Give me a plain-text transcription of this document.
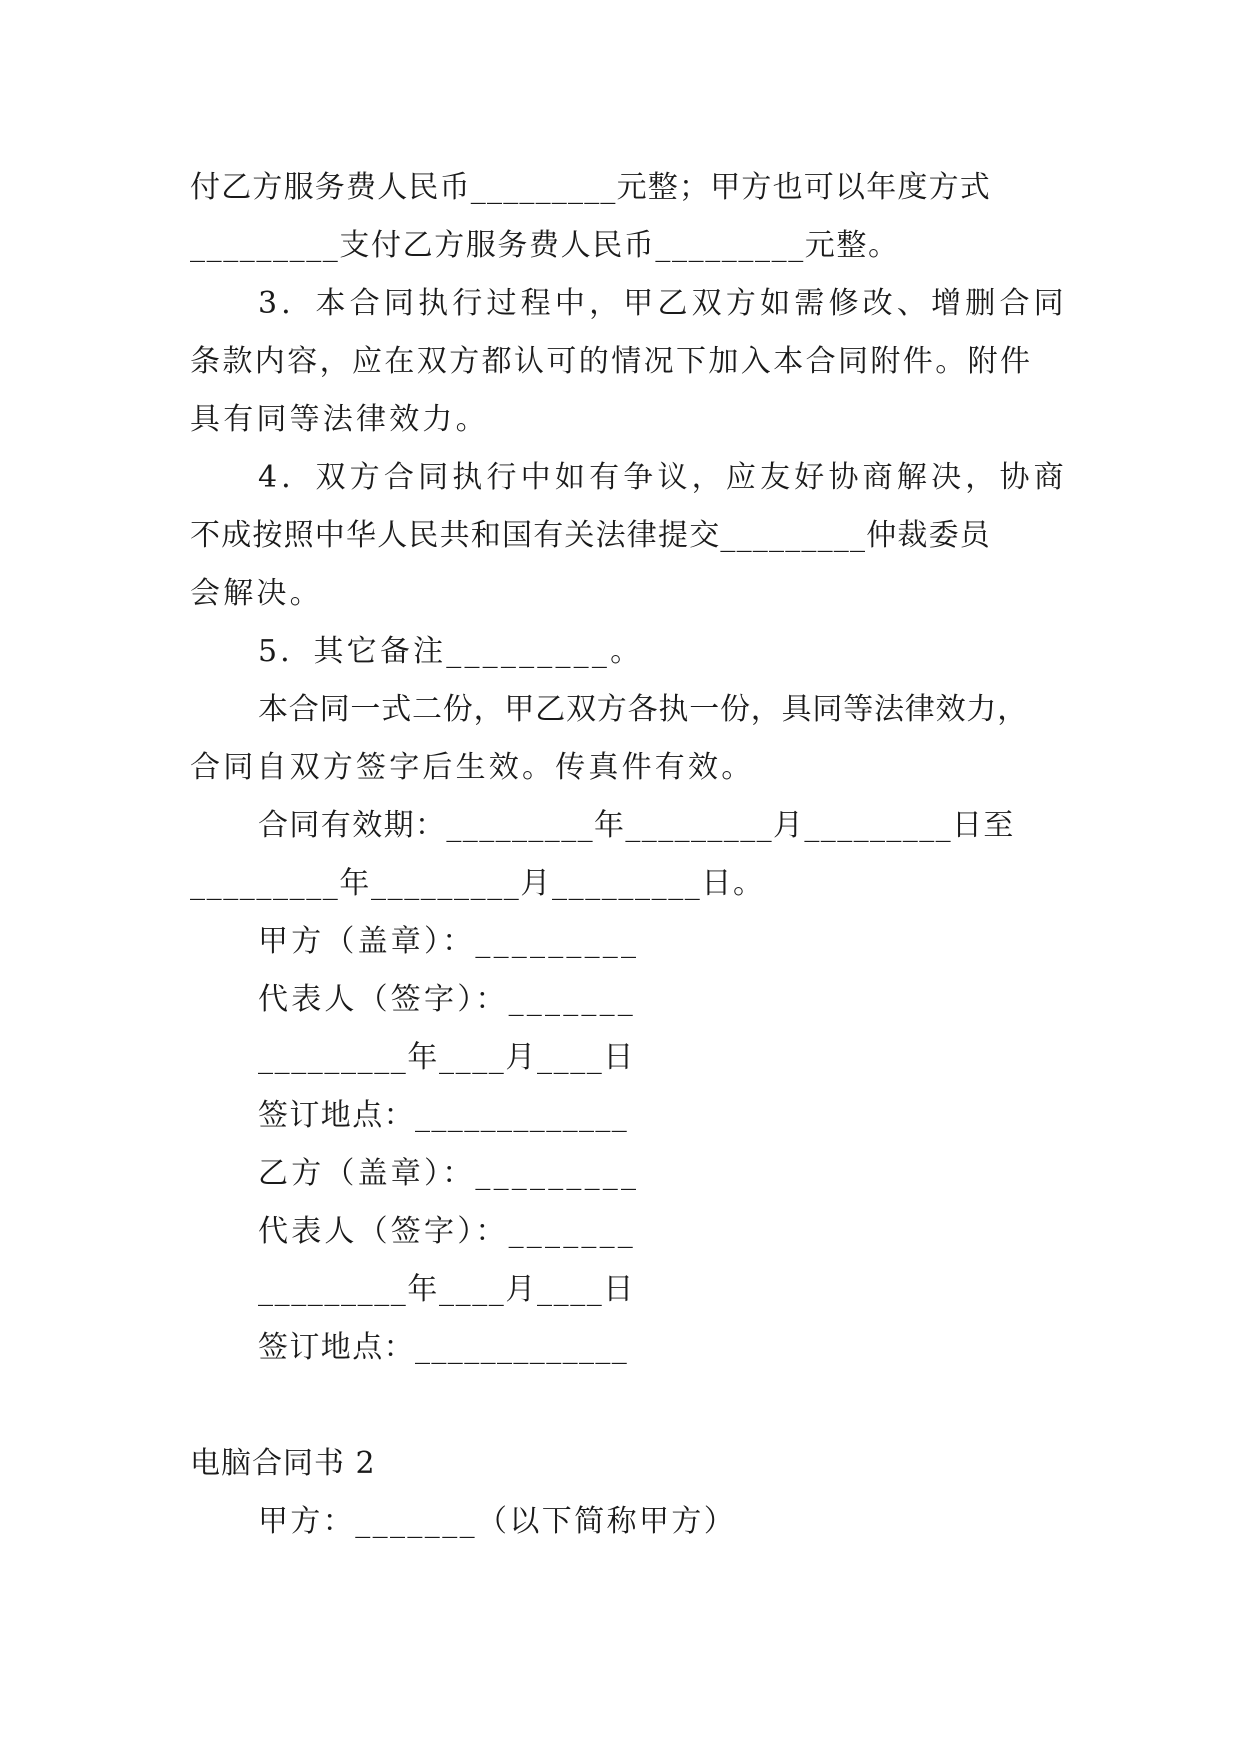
付乙方服务费人民币_________元整；甲方也可以年度方式
_________支付乙方服务费人民币_________元整。
3．本合同执行过程中，甲乙双方如需修改、增删合同
条款内容，应在双方都认可的情况下加入本合同附件。附件
具有同等法律效力。
4．双方合同执行中如有争议，应友好协商解决，协商
不成按照中华人民共和国有关法律提交_________仲裁委员
会解决。
5．其它备注_________。
本合同一式二份，甲乙双方各执一份，具同等法律效力，
合同自双方签字后生效。传真件有效。
合同有效期：_________年_________月_________日至
_________年_________月_________日。
甲方（盖章）：_________
代表人（签字）：_______
_________年____月____日
签订地点：_____________
乙方（盖章）：_________
代表人（签字）：_______
_________年____月____日
签订地点：_____________
电脑合同书 2
甲方：_______（以下简称甲方）
